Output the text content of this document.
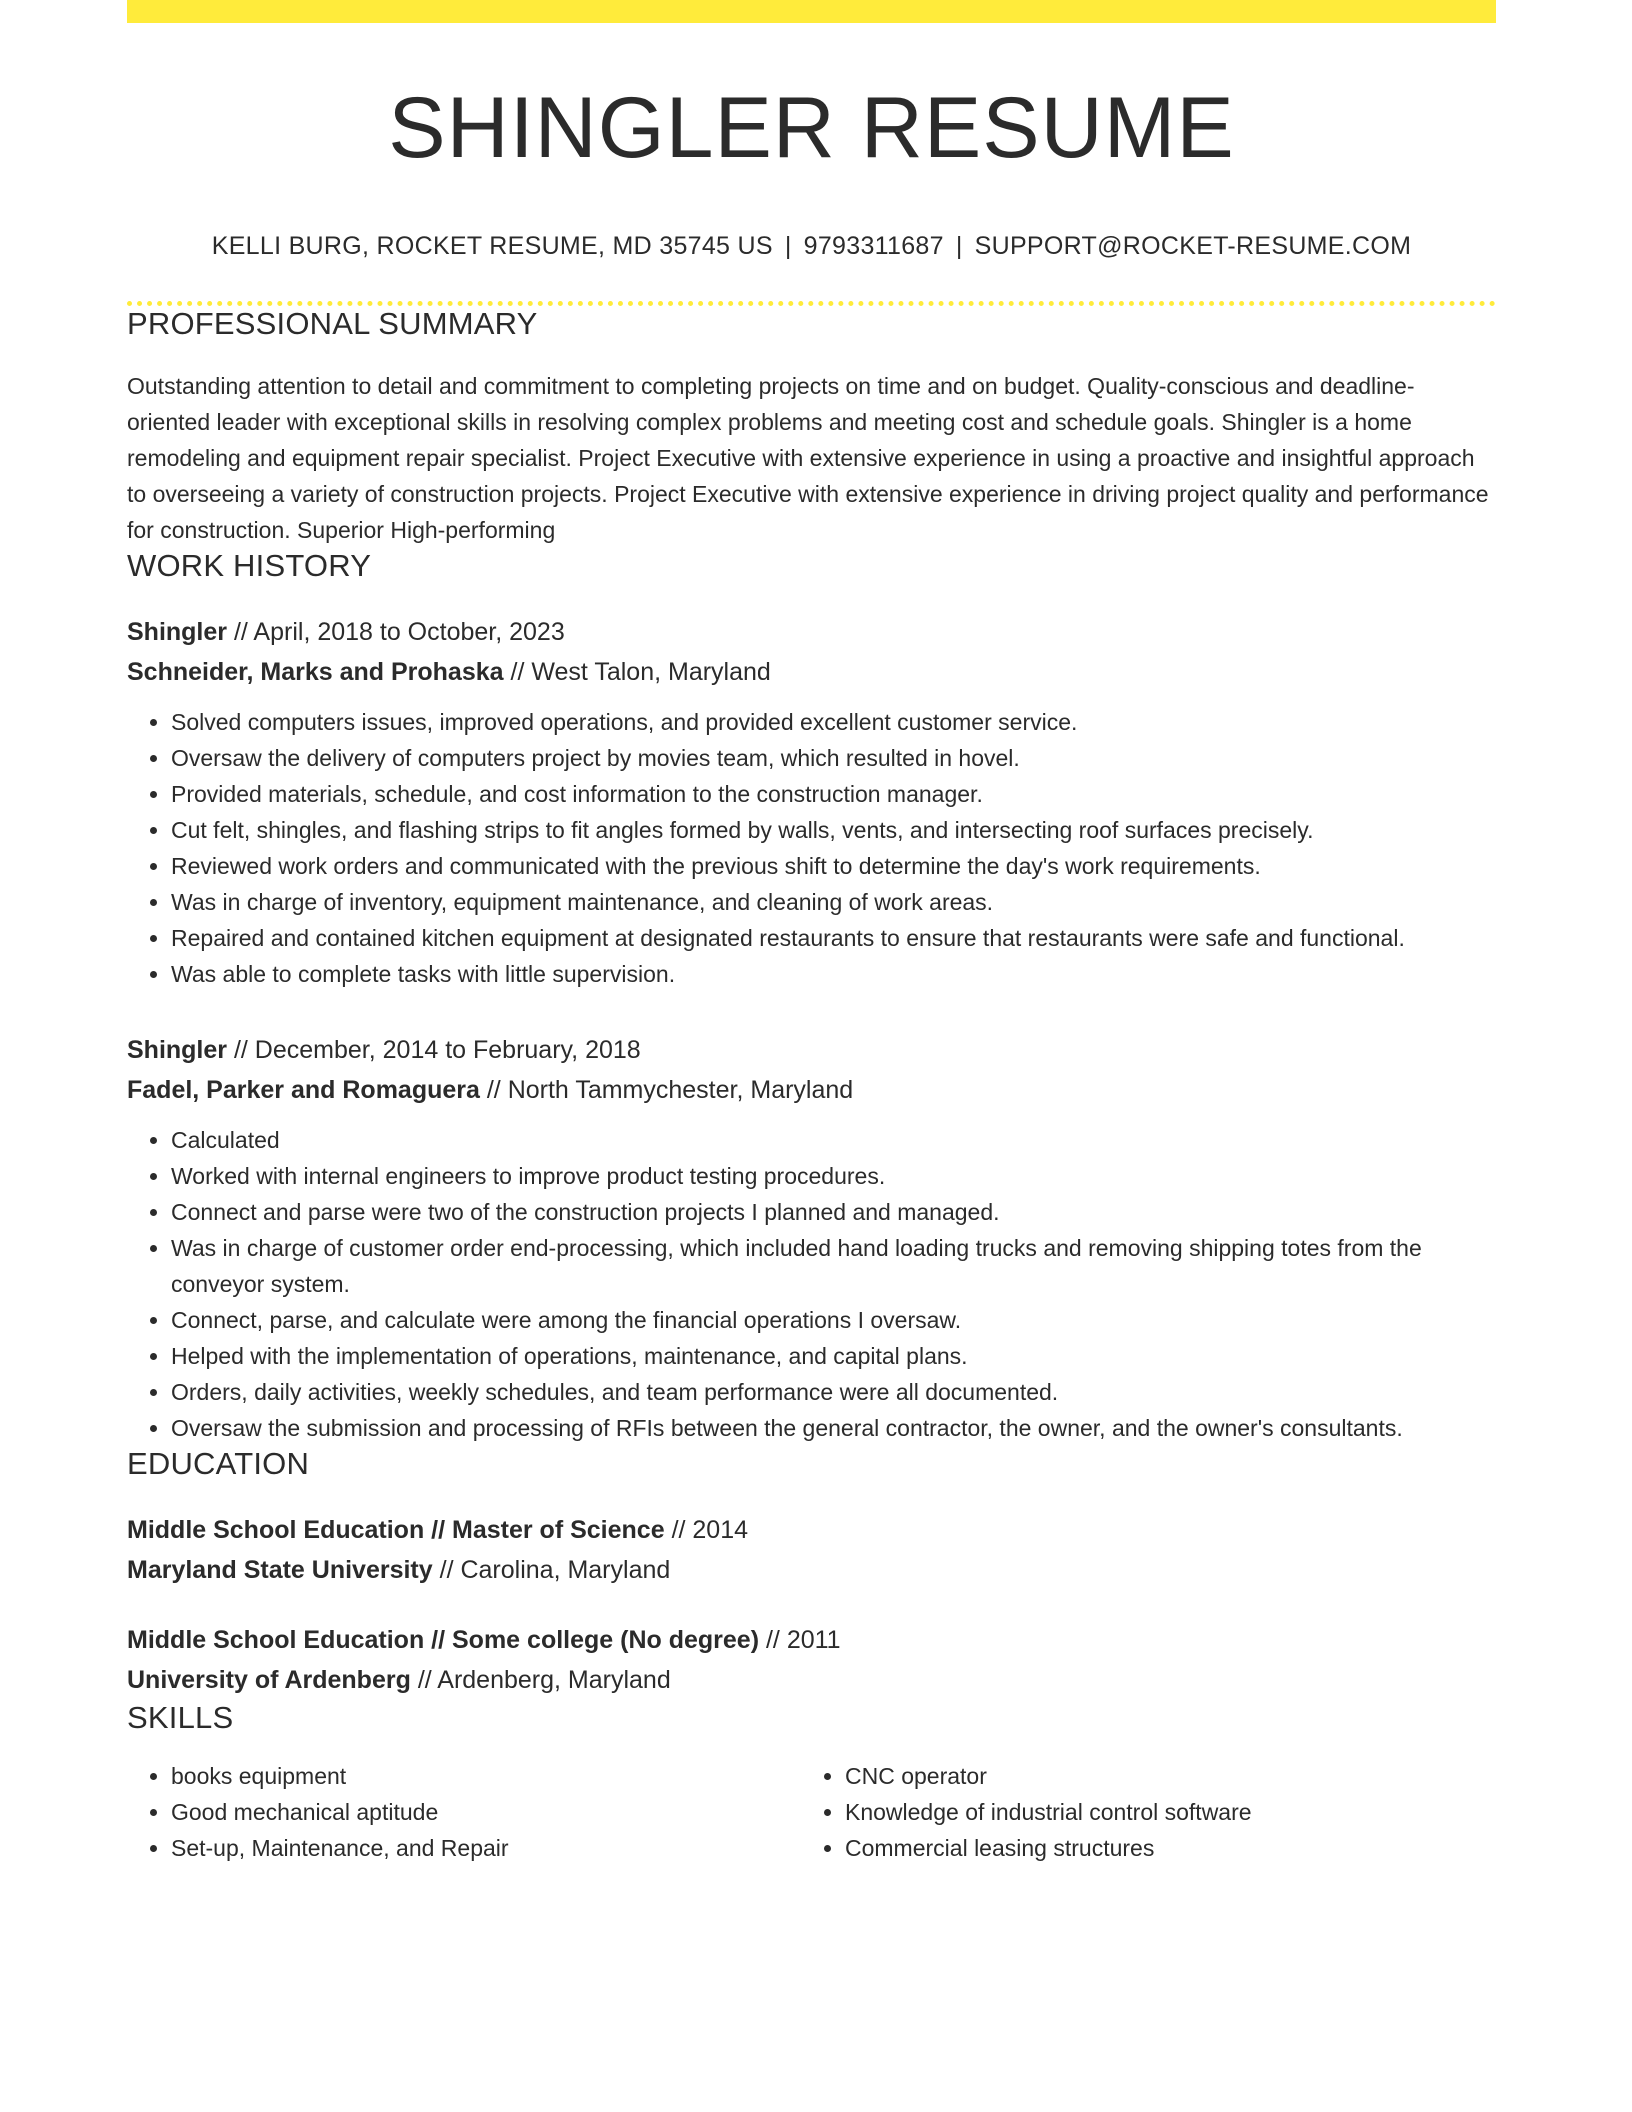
SHINGLER RESUME
KELLI BURG, ROCKET RESUME, MD 35745 US | 9793311687 | SUPPORT@ROCKET-RESUME.COM
PROFESSIONAL SUMMARY
Outstanding attention to detail and commitment to completing projects on time and on budget. Quality-conscious and deadline-oriented leader with exceptional skills in resolving complex problems and meeting cost and schedule goals. Shingler is a home remodeling and equipment repair specialist. Project Executive with extensive experience in using a proactive and insightful approach to overseeing a variety of construction projects. Project Executive with extensive experience in driving project quality and performance for construction. Superior High-performing
WORK HISTORY
Shingler // April, 2018 to October, 2023
Schneider, Marks and Prohaska // West Talon, Maryland
• Solved computers issues, improved operations, and provided excellent customer service.
• Oversaw the delivery of computers project by movies team, which resulted in hovel.
• Provided materials, schedule, and cost information to the construction manager.
• Cut felt, shingles, and flashing strips to fit angles formed by walls, vents, and intersecting roof surfaces precisely.
• Reviewed work orders and communicated with the previous shift to determine the day's work requirements.
• Was in charge of inventory, equipment maintenance, and cleaning of work areas.
• Repaired and contained kitchen equipment at designated restaurants to ensure that restaurants were safe and functional.
• Was able to complete tasks with little supervision.
Shingler // December, 2014 to February, 2018
Fadel, Parker and Romaguera // North Tammychester, Maryland
• Calculated
• Worked with internal engineers to improve product testing procedures.
• Connect and parse were two of the construction projects I planned and managed.
• Was in charge of customer order end-processing, which included hand loading trucks and removing shipping totes from the conveyor system.
• Connect, parse, and calculate were among the financial operations I oversaw.
• Helped with the implementation of operations, maintenance, and capital plans.
• Orders, daily activities, weekly schedules, and team performance were all documented.
• Oversaw the submission and processing of RFIs between the general contractor, the owner, and the owner's consultants.
EDUCATION
Middle School Education // Master of Science // 2014
Maryland State University // Carolina, Maryland
Middle School Education // Some college (No degree) // 2011
University of Ardenberg // Ardenberg, Maryland
SKILLS
• books equipment
• Good mechanical aptitude
• Set-up, Maintenance, and Repair
• CNC operator
• Knowledge of industrial control software
• Commercial leasing structures
